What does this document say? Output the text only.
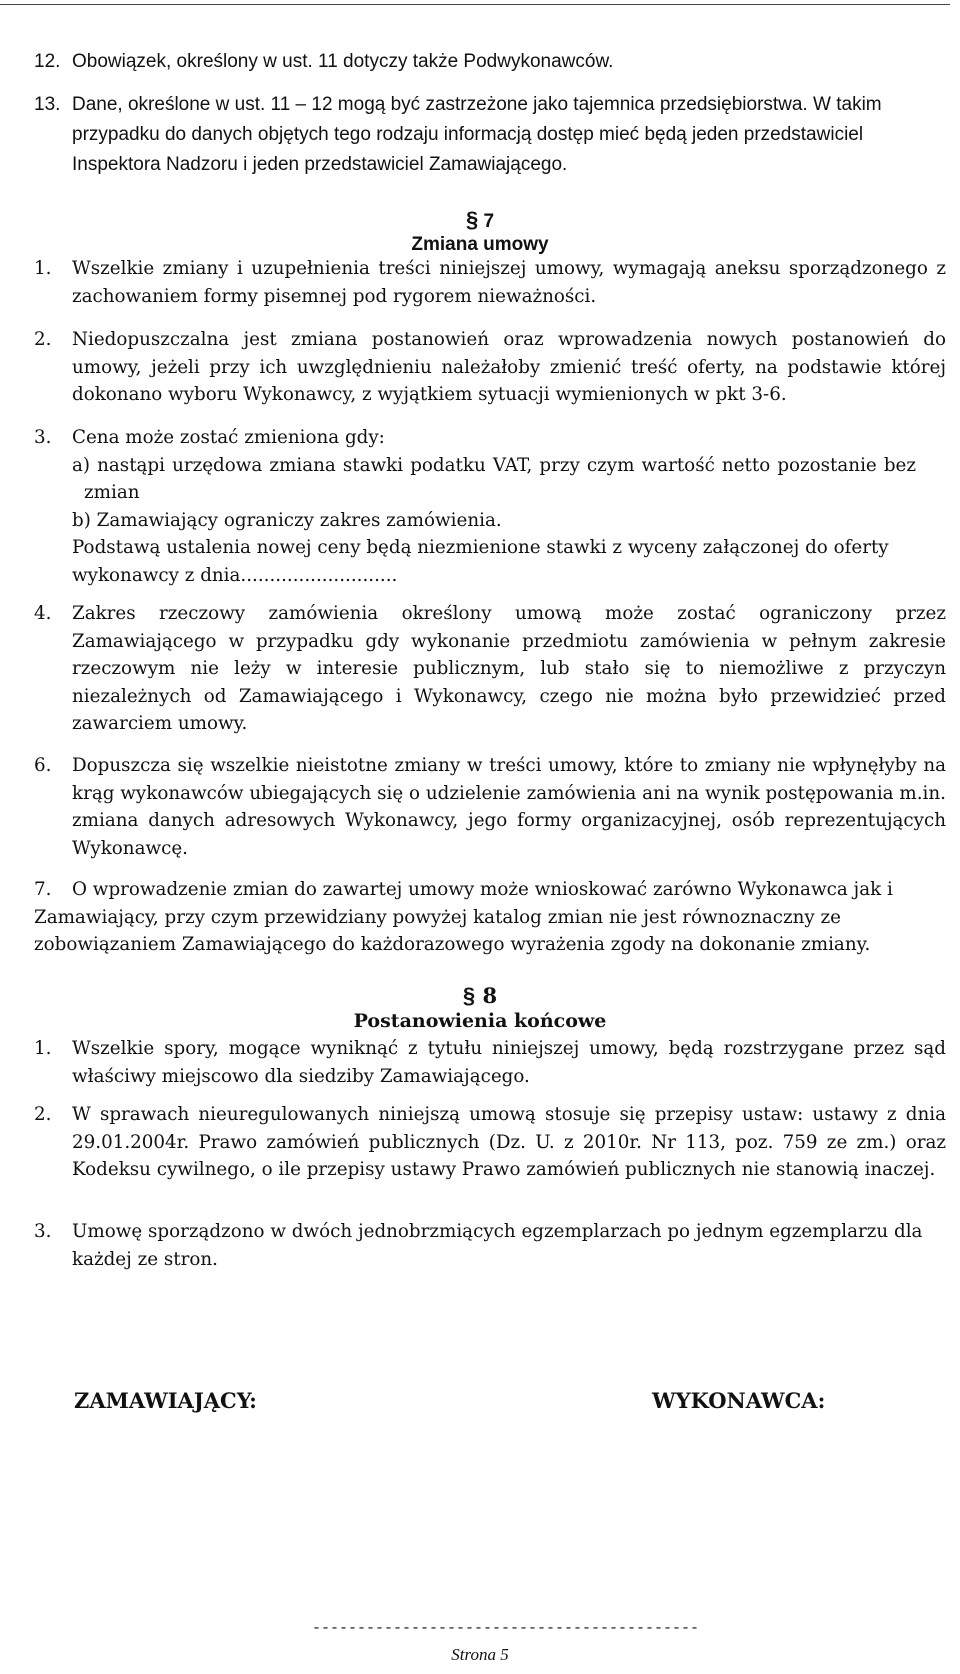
12. Obowiązek, określony w ust. 11 dotyczy także Podwykonawców.
13. Dane, określone w ust. 11 – 12 mogą być zastrzeżone jako tajemnica przedsiębiorstwa. W takim przypadku do danych objętych tego rodzaju informacją dostęp mieć będą jeden przedstawiciel Inspektora Nadzoru i jeden przedstawiciel Zamawiającego.
§ 7
Zmiana umowy
1. Wszelkie zmiany i uzupełnienia treści niniejszej umowy, wymagają aneksu sporządzonego z zachowaniem formy pisemnej pod rygorem nieważności.
2. Niedopuszczalna jest zmiana postanowień oraz wprowadzenia nowych postanowień do umowy, jeżeli przy ich uwzględnieniu należałoby zmienić treść oferty, na podstawie której dokonano wyboru Wykonawcy, z wyjątkiem sytuacji wymienionych w pkt 3-6.
3. Cena może zostać zmieniona gdy:
a) nastąpi urzędowa zmiana stawki podatku VAT, przy czym wartość netto pozostanie bez zmian
b) Zamawiający ograniczy zakres zamówienia.
Podstawą ustalenia nowej ceny będą niezmienione stawki z wyceny załączonej do oferty wykonawcy z dnia...........................
4. Zakres rzeczowy zamówienia określony umową może zostać ograniczony przez Zamawiającego w przypadku gdy wykonanie przedmiotu zamówienia w pełnym zakresie rzeczowym nie leży w interesie publicznym, lub stało się to niemożliwe z przyczyn niezależnych od Zamawiającego i Wykonawcy, czego nie można było przewidzieć przed zawarciem umowy.
6. Dopuszcza się wszelkie nieistotne zmiany w treści umowy, które to zmiany nie wpłynęłyby na krąg wykonawców ubiegających się o udzielenie zamówienia ani na wynik postępowania m.in. zmiana danych adresowych Wykonawcy, jego formy organizacyjnej, osób reprezentujących Wykonawcę.
7.	O wprowadzenie zmian do zawartej umowy może wnioskować zarówno Wykonawca jak i Zamawiający, przy czym przewidziany powyżej katalog zmian nie jest równoznaczny ze zobowiązaniem Zamawiającego do każdorazowego wyrażenia zgody na dokonanie zmiany.
§ 8
Postanowienia końcowe
1. Wszelkie spory, mogące wyniknąć z tytułu niniejszej umowy, będą rozstrzygane przez sąd właściwy miejscowo dla siedziby Zamawiającego.
2. W sprawach nieuregulowanych niniejszą umową stosuje się przepisy ustaw: ustawy z dnia 29.01.2004r. Prawo zamówień publicznych (Dz. U. z 2010r. Nr 113, poz. 759 ze zm.) oraz Kodeksu cywilnego, o ile przepisy ustawy Prawo zamówień publicznych nie stanowią inaczej.
3. Umowę sporządzono w dwóch jednobrzmiących egzemplarzach po jednym egzemplarzu dla każdej ze stron.
ZAMAWIAJĄCY:	WYKONAWCA:
-------------------------------------------
Strona 5
